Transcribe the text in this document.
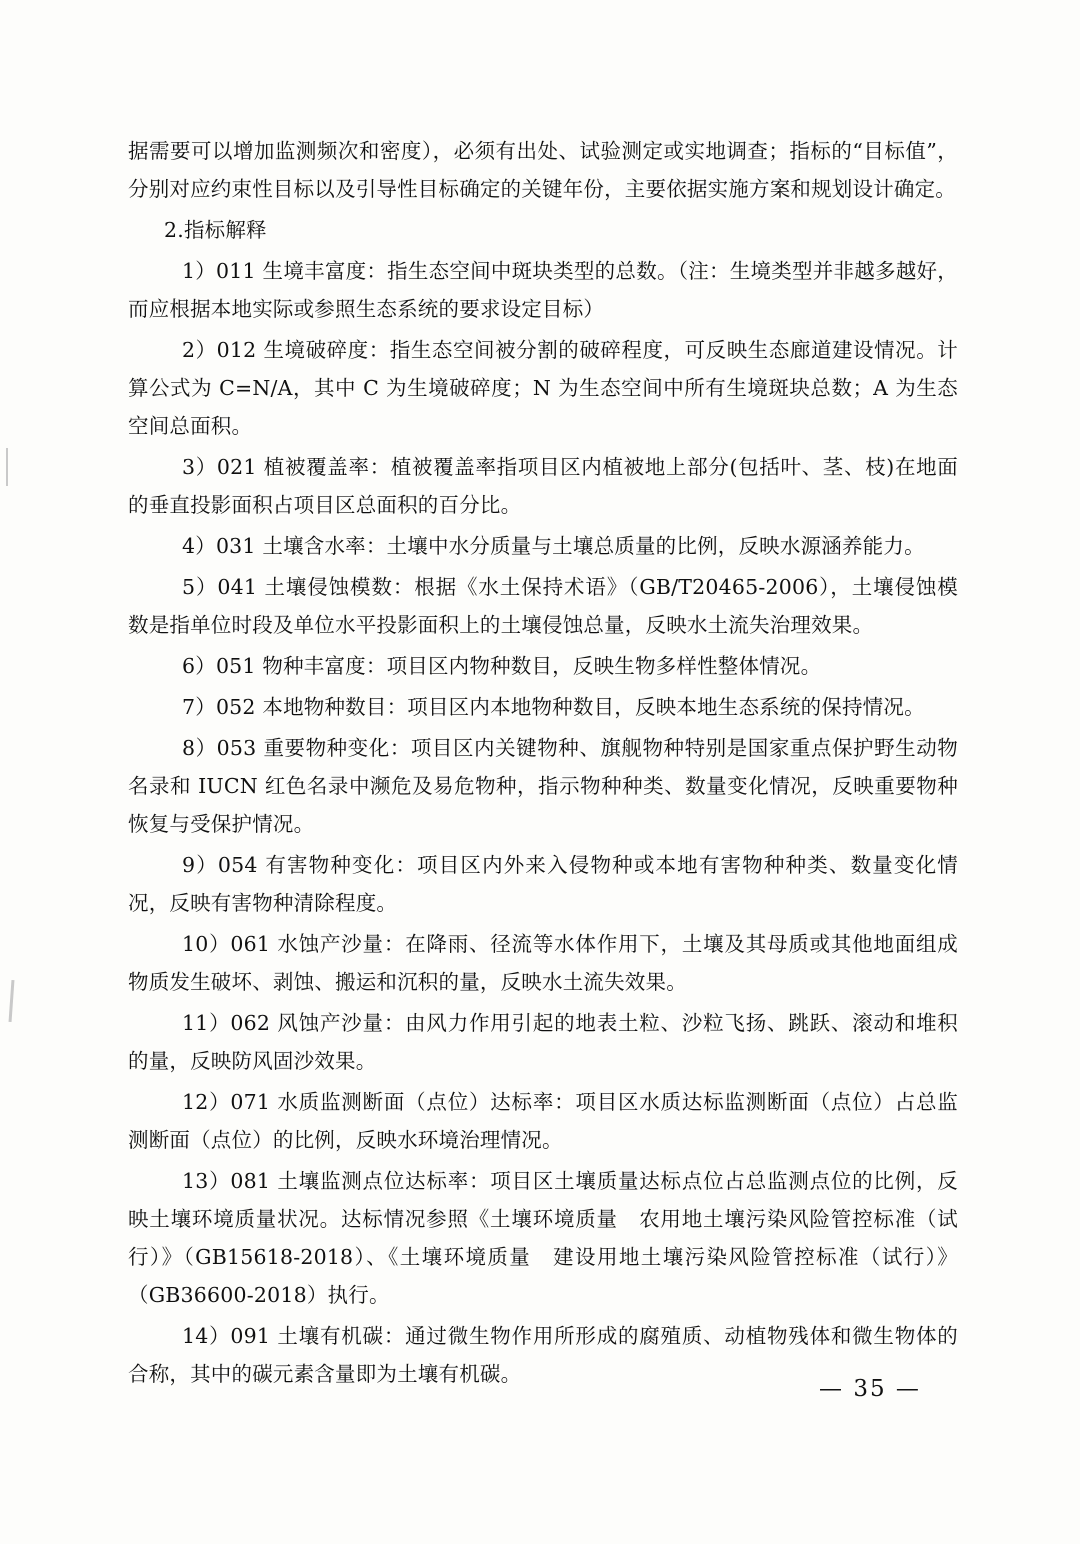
据需要可以增加监测频次和密度），必须有出处、试验测定或实地调查；指标的“目标值”，分别对应约束性目标以及引导性目标确定的关键年份，主要依据实施方案和规划设计确定。

2.指标解释

1）011 生境丰富度：指生态空间中斑块类型的总数。（注：生境类型并非越多越好，而应根据本地实际或参照生态系统的要求设定目标）

2）012 生境破碎度：指生态空间被分割的破碎程度，可反映生态廊道建设情况。计算公式为 C=N/A，其中 C 为生境破碎度；N 为生态空间中所有生境斑块总数；A 为生态空间总面积。

3）021 植被覆盖率：植被覆盖率指项目区内植被地上部分(包括叶、茎、枝)在地面的垂直投影面积占项目区总面积的百分比。

4）031 土壤含水率：土壤中水分质量与土壤总质量的比例，反映水源涵养能力。

5）041 土壤侵蚀模数：根据《水土保持术语》（GB/T20465-2006），土壤侵蚀模数是指单位时段及单位水平投影面积上的土壤侵蚀总量，反映水土流失治理效果。

6）051 物种丰富度：项目区内物种数目，反映生物多样性整体情况。

7）052 本地物种数目：项目区内本地物种数目，反映本地生态系统的保持情况。

8）053 重要物种变化：项目区内关键物种、旗舰物种特别是国家重点保护野生动物名录和 IUCN 红色名录中濒危及易危物种，指示物种种类、数量变化情况，反映重要物种恢复与受保护情况。

9）054 有害物种变化：项目区内外来入侵物种或本地有害物种种类、数量变化情况，反映有害物种清除程度。

10）061 水蚀产沙量：在降雨、径流等水体作用下，土壤及其母质或其他地面组成物质发生破坏、剥蚀、搬运和沉积的量，反映水土流失效果。

11）062 风蚀产沙量：由风力作用引起的地表土粒、沙粒飞扬、跳跃、滚动和堆积的量，反映防风固沙效果。

12）071 水质监测断面（点位）达标率：项目区水质达标监测断面（点位）占总监测断面（点位）的比例，反映水环境治理情况。

13）081 土壤监测点位达标率：项目区土壤质量达标点位占总监测点位的比例，反映土壤环境质量状况。达标情况参照《土壤环境质量　农用地土壤污染风险管控标准（试行）》（GB15618-2018）、《土壤环境质量　建设用地土壤污染风险管控标准（试行）》（GB36600-2018）执行。

14）091 土壤有机碳：通过微生物作用所形成的腐殖质、动植物残体和微生物体的合称，其中的碳元素含量即为土壤有机碳。

— 35 —
